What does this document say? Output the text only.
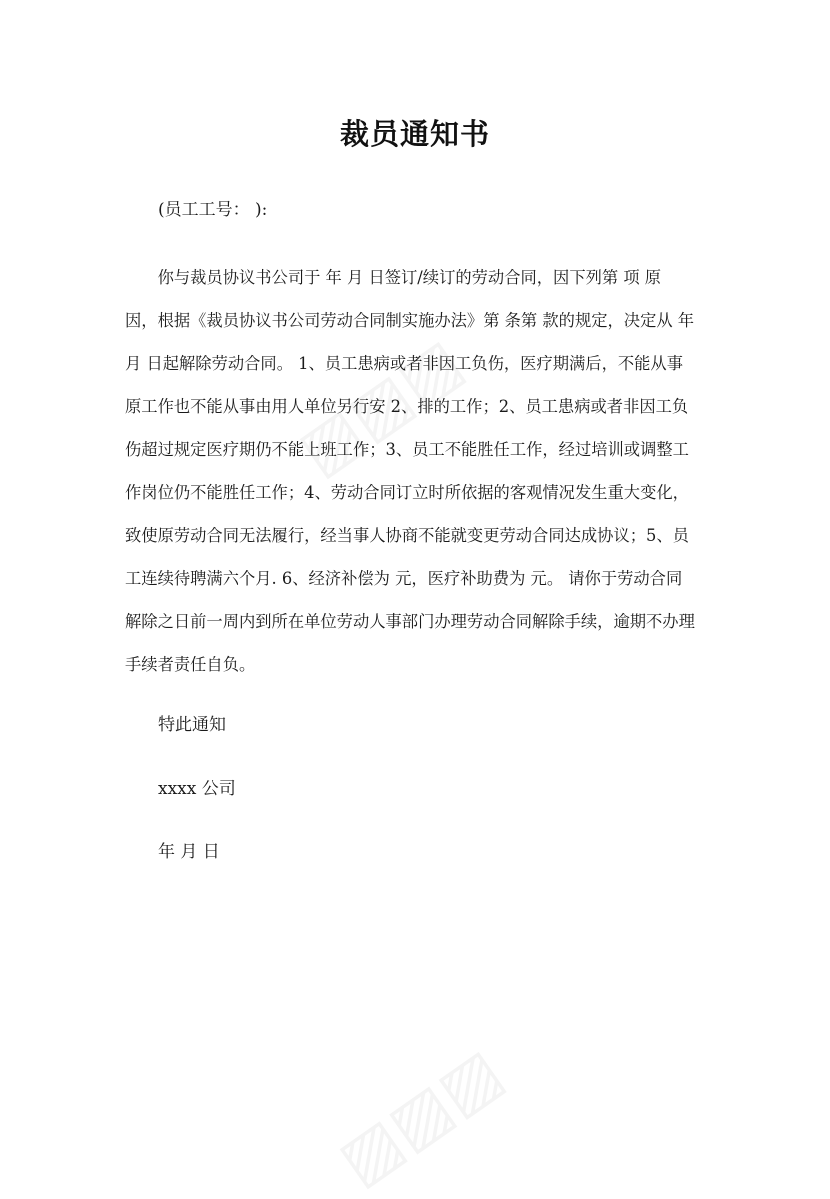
裁员通知书
(员工工号： ):
　　你与裁员协议书公司于 年 月 日签订/续订的劳动合同，因下列第 项 原
因，根据《裁员协议书公司劳动合同制实施办法》第 条第 款的规定，决定从 年
月 日起解除劳动合同。 1、员工患病或者非因工负伤，医疗期满后，不能从事
原工作也不能从事由用人单位另行安 2、排的工作；2、员工患病或者非因工负
伤超过规定医疗期仍不能上班工作；3、员工不能胜任工作，经过培训或调整工
作岗位仍不能胜任工作；4、劳动合同订立时所依据的客观情况发生重大变化，
致使原劳动合同无法履行，经当事人协商不能就变更劳动合同达成协议；5、员
工连续待聘满六个月. 6、经济补偿为 元，医疗补助费为 元。 请你于劳动合同
解除之日前一周内到所在单位劳动人事部门办理劳动合同解除手续，逾期不办理
手续者责任自负。
特此通知
xxxx 公司
年 月 日
